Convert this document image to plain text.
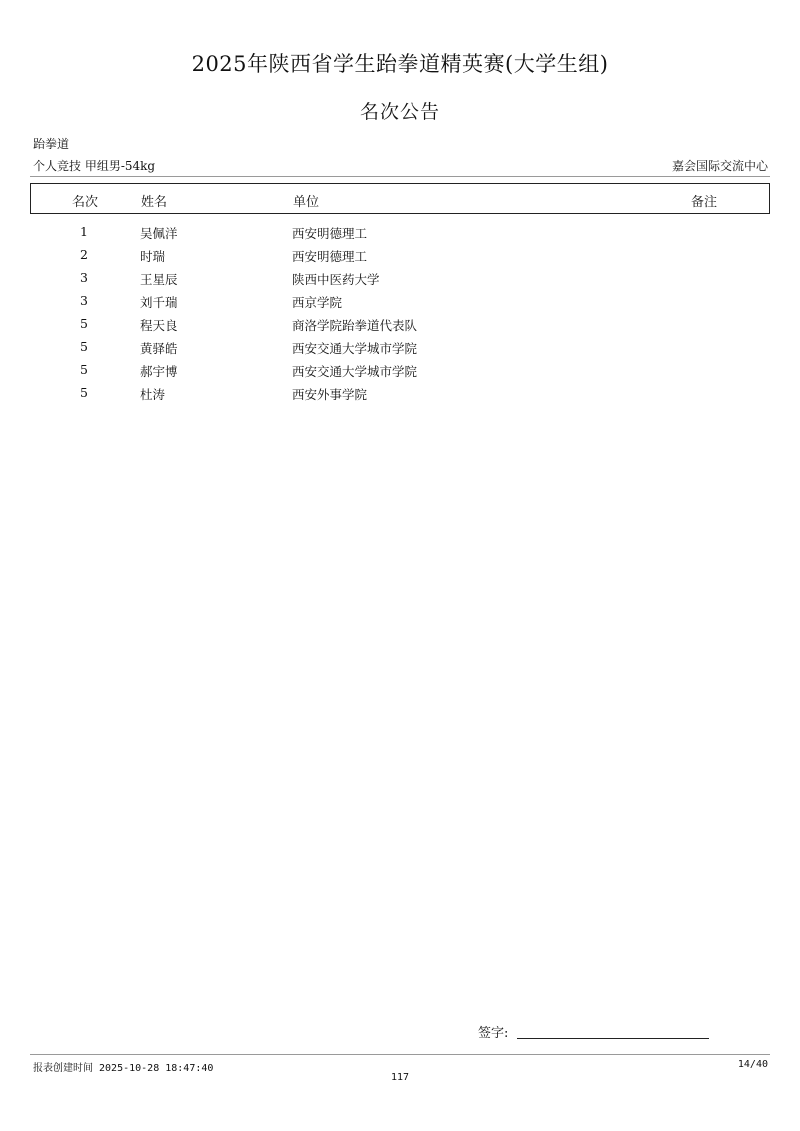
2025年陕西省学生跆拳道精英赛(大学生组)
名次公告
跆拳道
个人竞技 甲组男-54kg	嘉会国际交流中心
名次	姓名	单位	备注
1	吴佩洋	西安明德理工
2	时瑞	西安明德理工
3	王星辰	陕西中医药大学
3	刘千瑞	西京学院
5	程天良	商洛学院跆拳道代表队
5	黄驿皓	西安交通大学城市学院
5	郝宇博	西安交通大学城市学院
5	杜涛	西安外事学院
签字:
报表创建时间 2025-10-28 18:47:40	14/40
117
